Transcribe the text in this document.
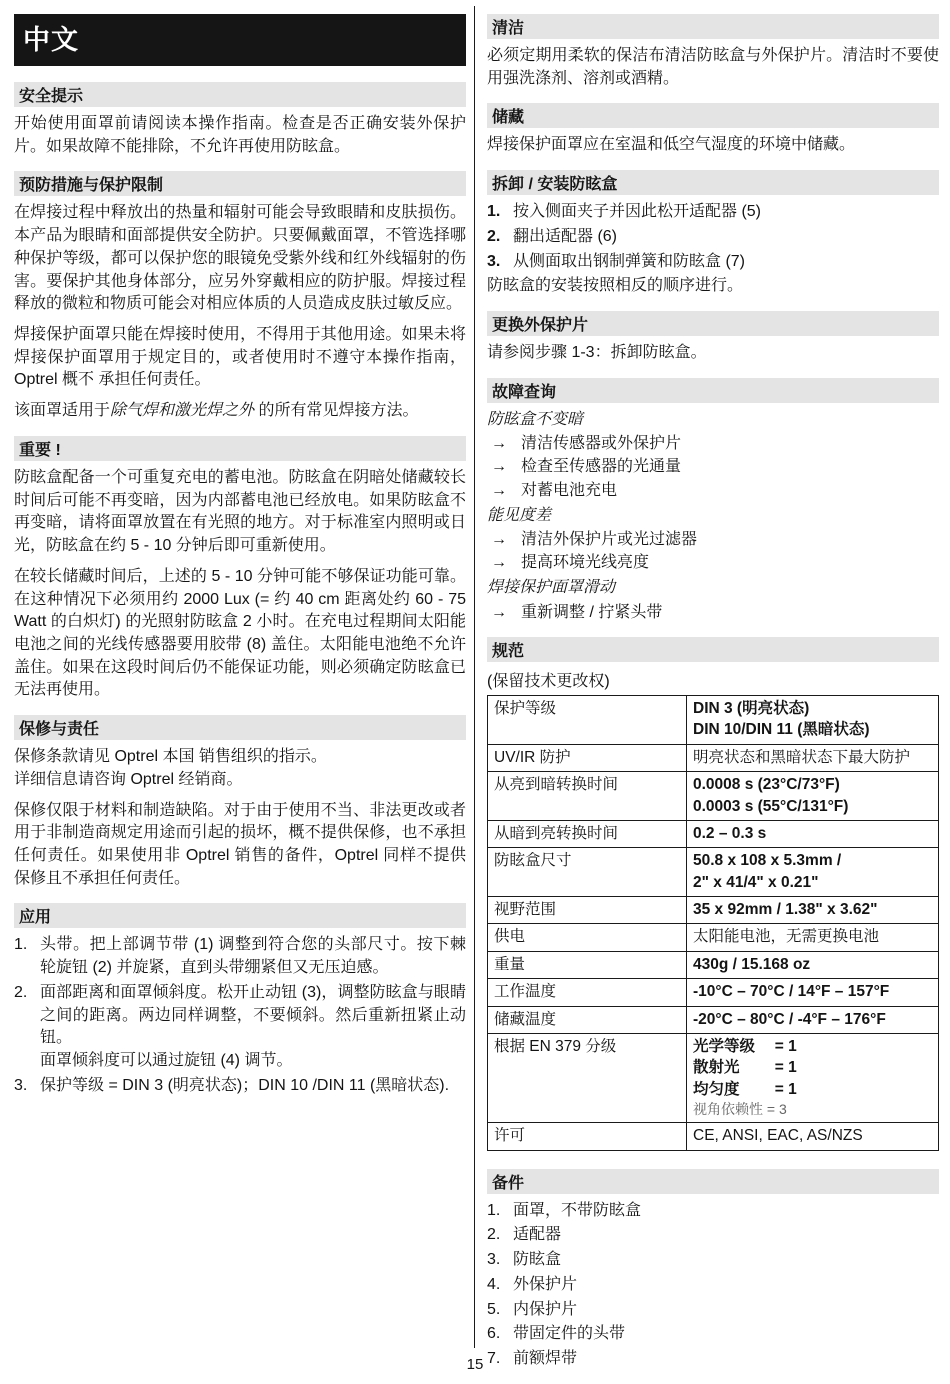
中文
安全提示

开始使用面罩前请阅读本操作指南。检查是否正确安装外保护片。如果故障不能排除，不允许再使用防眩盒。

预防措施与保护限制

在焊接过程中释放出的热量和辐射可能会导致眼睛和皮肤损伤。本产品为眼睛和面部提供安全防护。只要佩戴面罩，不管选择哪种保护等级，都可以保护您的眼镜免受紫外线和红外线辐射的伤害。要保护其他身体部分，应另外穿戴相应的防护服。焊接过程释放的微粒和物质可能会对相应体质的人员造成皮肤过敏反应。

焊接保护面罩只能在焊接时使用，不得用于其他用途。如果未将焊接保护面罩用于规定目的，或者使用时不遵守本操作指南，Optrel 概不 承担任何责任。

该面罩适用于除气焊和激光焊之外 的所有常见焊接方法。

重要 !

防眩盒配备一个可重复充电的蓄电池。防眩盒在阴暗处储藏较长时间后可能不再变暗，因为内部蓄电池已经放电。如果防眩盒不再变暗，请将面罩放置在有光照的地方。对于标准室内照明或日光，防眩盒在约 5 - 10 分钟后即可重新使用。

在较长储藏时间后，上述的 5 - 10 分钟可能不够保证功能可靠。在这种情况下必须用约 2000 Lux (= 约 40 cm 距离处约 60 - 75 Watt 的白炽灯) 的光照射防眩盒 2 小时。在充电过程期间太阳能电池之间的光线传感器要用胶带 (8) 盖住。太阳能电池绝不允许盖住。如果在这段时间后仍不能保证功能，则必须确定防眩盒已无法再使用。

保修与责任

保修条款请见 Optrel 本国 销售组织的指示。

详细信息请咨询 Optrel 经销商。

保修仅限于材料和制造缺陷。对于由于使用不当、非法更改或者用于非制造商规定用途而引起的损坏，概不提供保修，也不承担任何责任。如果使用非 Optrel 销售的备件，Optrel 同样不提供保修且不承担任何责任。

应用
1. 头带。把上部调节带 (1) 调整到符合您的头部尺寸。按下棘轮旋钮 (2) 并旋紧，直到头带绷紧但又无压迫感。
2. 面部距离和面罩倾斜度。松开止动钮 (3)，调整防眩盒与眼睛之间的距离。两边同样调整，不要倾斜。然后重新扭紧止动钮。
面罩倾斜度可以通过旋钮 (4) 调节。
3. 保护等级 = DIN 3 (明亮状态)；DIN 10 /DIN 11 (黑暗状态).
清洁

必须定期用柔软的保洁布清洁防眩盒与外保护片。清洁时不要使用强洗涤剂、溶剂或酒精。

储藏

焊接保护面罩应在室温和低空气湿度的环境中储藏。

拆卸 / 安装防眩盒
1. 按入侧面夹子并因此松开适配器 (5)
2. 翻出适配器 (6)
3. 从侧面取出钢制弹簧和防眩盒 (7)

防眩盒的安装按照相反的顺序进行。

更换外保护片

请参阅步骤 1-3：拆卸防眩盒。

故障查询
防眩盒不变暗
→ 清洁传感器或外保护片
→ 检查至传感器的光通量
→ 对蓄电池充电
能见度差
→ 清洁外保护片或光过滤器
→ 提高环境光线亮度
焊接保护面罩滑动
→ 重新调整 / 拧紧头带
规范

(保留技术更改权)

保护等级	DIN 3 (明亮状态)
DIN 10/DIN 11 (黑暗状态)
UV/IR 防护	明亮状态和黑暗状态下最大防护
从亮到暗转换时间	0.0008 s (23°C/73°F)
0.0003 s (55°C/131°F)
从暗到亮转换时间	0.2 – 0.3 s
防眩盒尺寸	50.8 x 108 x 5.3mm /
2" x 41/4" x 0.21"
视野范围	35 x 92mm / 1.38" x 3.62"
供电	太阳能电池，无需更换电池
重量	430g / 15.168 oz
工作温度	-10°C – 70°C / 14°F – 157°F
储藏温度	-20°C – 80°C / -4°F – 176°F
根据 EN 379 分级	光学等级　 = 1
散射光　　 = 1
均匀度　　 = 1
视角依赖性 = 3

许可	CE, ANSI, EAC, AS/NZS
备件
1. 面罩，不带防眩盒
2. 适配器
3. 防眩盒
4. 外保护片
5. 内保护片
6. 带固定件的头带
7. 前额焊带
15
